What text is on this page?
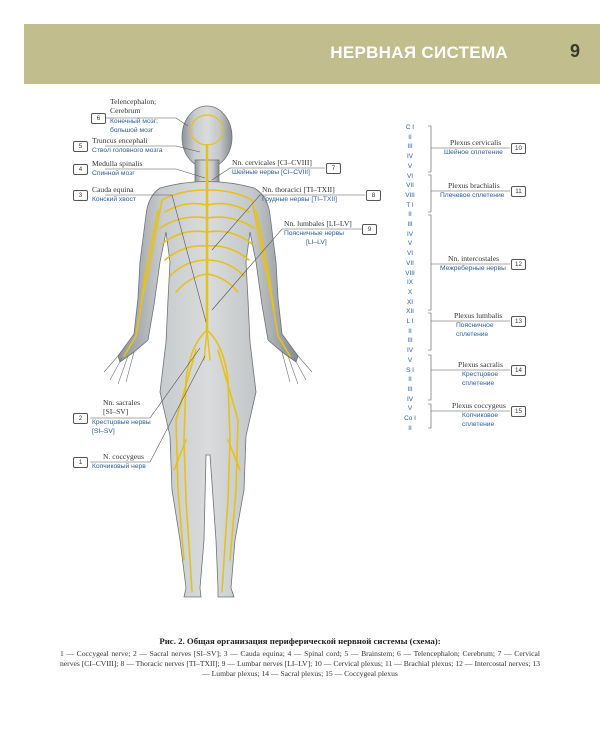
НЕРВНАЯ СИСТЕМА	9
6
Telencephalon;
Cerebrum
Конечный мозг;
большой мозг
5
Truncus encephali
Ствол головного мозга
4
Medulla spinalis
Спинной мозг
3
Cauda equina
Конский хвост
2
Nn. sacrales
[SI–SV]
Крестцовые нервы
[SI–SV]
1
N. coccygeus
Копчиковый нерв
Nn. cervicales [CI–CVIII]
Шейные нервы [CI–CVIII]
7
Nn. thoracici [TI–TXII]
Грудные нервы [TI–TXII]
8
Nn. lumbales [LI–LV]
Поясничные нервы
[LI–LV]
9
C I
II
III
IV
V
VI
VII
VIII
T I
II
III
IV
V
VI
VII
VIII
IX
X
XI
XII
L I
II
III
IV
V
S I
II
III
IV
V
Co I
II
Plexus cervicalis
Шейное сплетение
10
Plexus brachialis
Плечевое сплетение
11
Nn. intercostales
Межреберные нервы
12
Plexus lumbalis
Поясничное
сплетение
13
Plexus sacralis
Крестцовое
сплетение
14
Plexus coccygeus
Копчиковое
сплетение
15
Рис. 2. Общая организация периферической нервной системы (схема):
1 — Coccygeal nerve; 2 — Sacral nerves [SI–SV]; 3 — Cauda equina; 4 — Spinal cord; 5 — Brainstem; 6 — Telencephalon; Cerebrum; 7 — Cervical nerves [CI–CVIII]; 8 — Thoracic nerves [TI–TXII]; 9 — Lumbar nerves [LI–LV]; 10 — Cervical plexus; 11 — Brachial plexus; 12 — Intercostal nerves; 13 — Lumbar plexus; 14 — Sacral plexus; 15 — Coccygeal plexus
